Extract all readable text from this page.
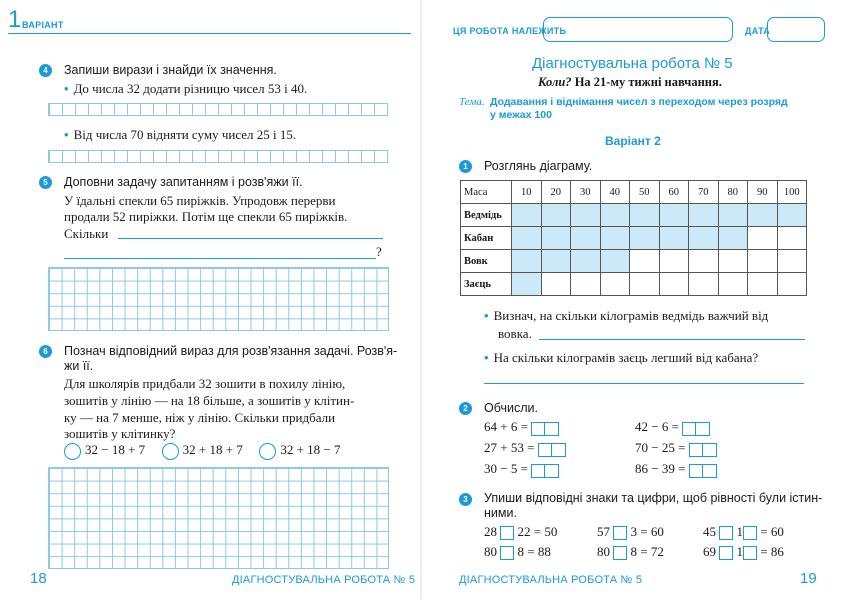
1 ВАРІАНТ
4	Запиши вирази і знайди їх значення.
• До числа 32 додати різницю чисел 53 і 40.
• Від числа 70 відняти суму чисел 25 і 15.
5	Доповни задачу запитанням і розв'яжи її.
У їдальні спекли 65 пиріжків. Упродовж перерви
продали 52 пиріжки. Потім ще спекли 65 пиріжків.
Скільки
?
6	Познач відповідний вираз для розв'язання задачі. Розв'я-
жи її.
Для школярів придбали 32 зошити в похилу лінію,
зошитів у лінію — на 18 більше, а зошитів у клітин-
ку — на 7 менше, ніж у лінію. Скільки придбали
зошитів у клітинку?
32 − 18 + 7	32 + 18 + 7	32 + 18 − 7
18	ДІАГНОСТУВАЛЬНА РОБОТА № 5
ЦЯ РОБОТА НАЛЕЖИТЬ	ДАТА
Діагностувальна робота № 5
Коли? На 21-му тижні навчання.
Тема. Додавання і віднімання чисел з переходом через розряд
у межах 100
Варіант 2
1	Розглянь діаграму.
Маса	10	20	30	40	50	60	70	80	90	100
Ведмідь										
Кабан										
Вовк										
Заєць										
• Визнач, на скільки кілограмів ведмідь важчий від
вовка.
• На скільки кілограмів заєць легший від кабана?
2	Обчисли.
64 + 6 =
27 + 53 =
30 − 5 =
42 − 6 =
70 − 25 =
86 − 39 =
3	Упиши відповідні знаки та цифри, щоб рівності були істин-
ними.
28 22 = 50	57 3 = 60	45 1 = 60
80 8 = 88	80 8 = 72	69 1 = 86
ДІАГНОСТУВАЛЬНА РОБОТА № 5	19
